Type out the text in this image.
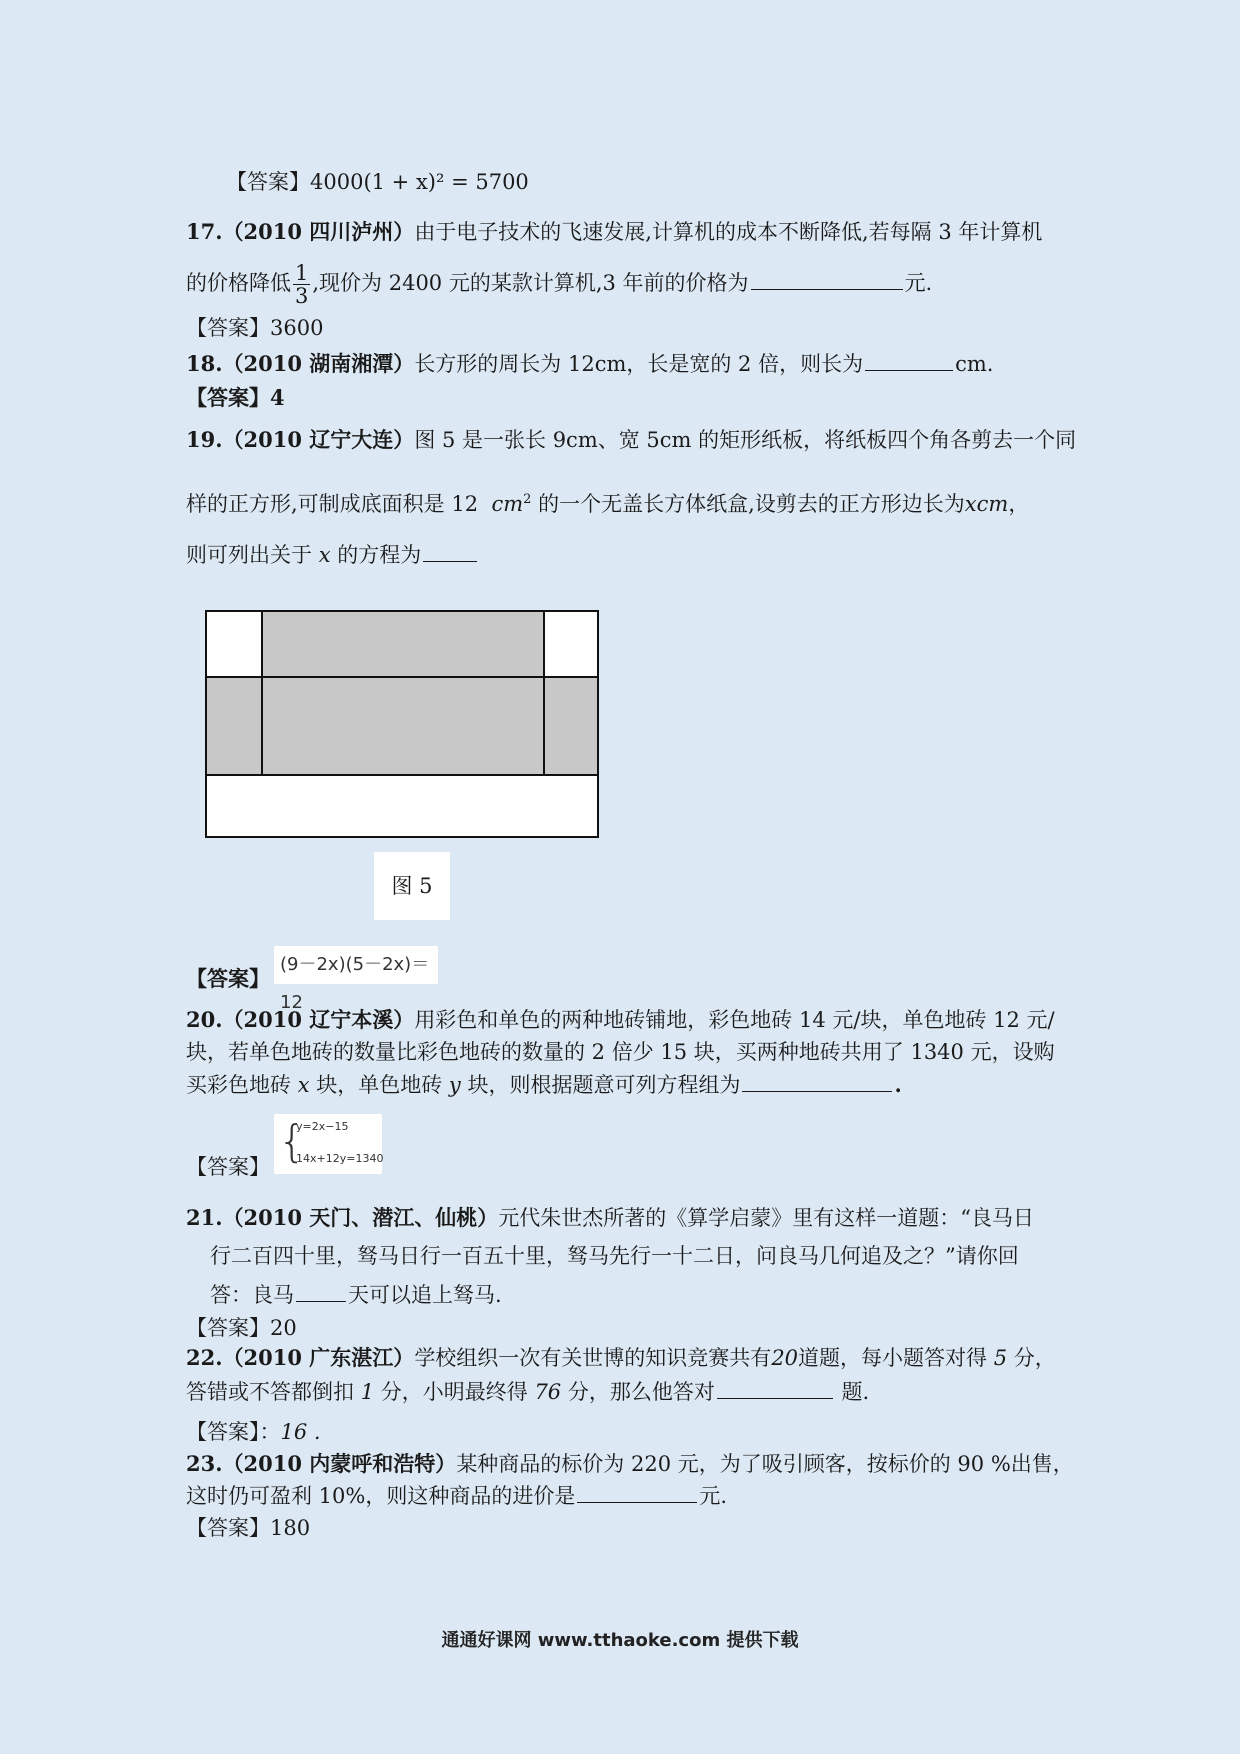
【答案】4000(1 + x)² = 5700
17.（2010 四川泸州）由于电子技术的飞速发展,计算机的成本不断降低,若每隔 3 年计算机
的价格降低 $\frac{1}{3}$ ,现价为 2400 元的某款计算机,3 年前的价格为	元.
【答案】3600
18.（2010 湖南湘潭）长方形的周长为 12cm，长是宽的 2 倍，则长为	cm.
【答案】4
19.（2010 辽宁大连）图 5 是一张长 9cm、宽 5cm 的矩形纸板，将纸板四个角各剪去一个同
样的正方形,可制成底面积是 12 $cm^2$ 的一个无盖长方体纸盒,设剪去的正方形边长为xcm，
则可列出关于 x 的方程为
图 5
【答案】
(9－2x)(5－2x)＝12
20.（2010 辽宁本溪）用彩色和单色的两种地砖铺地，彩色地砖 14 元/块，单色地砖 12 元/
块，若单色地砖的数量比彩色地砖的数量的 2 倍少 15 块，买两种地砖共用了 1340 元，设购
买彩色地砖 x 块，单色地砖 y 块，则根据题意可列方程组为	.
【答案】 {
y=2x−15
14x+12y=1340
21.（2010 天门、潜江、仙桃）元代朱世杰所著的《算学启蒙》里有这样一道题：“良马日
行二百四十里，驽马日行一百五十里，驽马先行一十二日，问良马几何追及之？”请你回
答：良马	天可以追上驽马.
【答案】20
22.（2010 广东湛江）学校组织一次有关世博的知识竞赛共有20道题，每小题答对得 5 分，
答错或不答都倒扣 1 分，小明最终得 76 分，那么他答对	题.
【答案】：16 .
23.（2010 内蒙呼和浩特）某种商品的标价为 220 元，为了吸引顾客，按标价的 90 %出售，
这时仍可盈利 10%，则这种商品的进价是	元.
【答案】180
通通好课网 www.tthaoke.com 提供下载
